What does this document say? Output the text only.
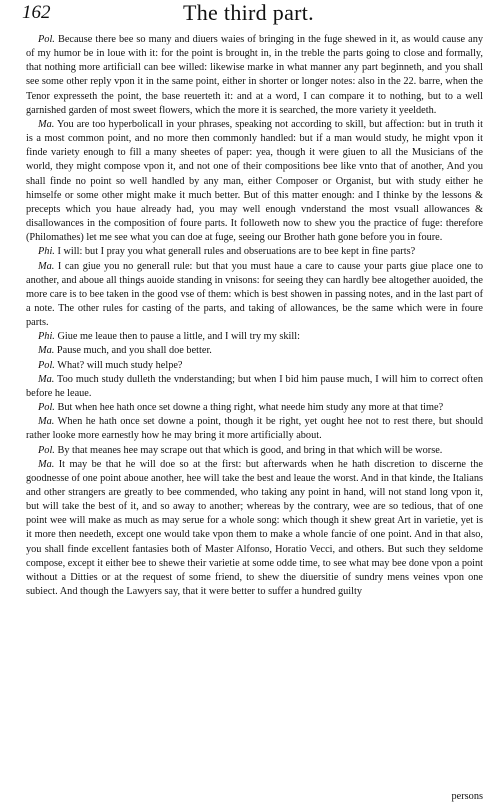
162	The third part.

Pol. Because there bee so many and diuers waies of bringing in the fuge shewed in it, as would cause any of my humor be in loue with it: for the point is brought in, in the treble the parts going to close and formally, that nothing more artificiall can bee willed: likewise marke in what manner any part beginneth, and you shall see some other reply vpon it in the same point, either in shorter or longer notes: also in the 22. barre, when the Tenor expresseth the point, the base reuerteth it: and at a word, I can compare it to nothing, but to a well garnished garden of most sweet flowers, which the more it is searched, the more variety it yeeldeth.

Ma. You are too hyperbolicall in your phrases, speaking not according to skill, but affection: but in truth it is a most common point, and no more then commonly handled: but if a man would study, he might vpon it finde variety enough to fill a many sheetes of paper: yea, though it were giuen to all the Musicians of the world, they might compose vpon it, and not one of their compositions bee like vnto that of another, And you shall finde no point so well handled by any man, either Composer or Organist, but with study either he himselfe or some other might make it much better. But of this matter enough: and I thinke by the lessons & precepts which you haue already had, you may well enough vnderstand the most vsuall allowances & disallowances in the composition of foure parts. It followeth now to shew you the practice of fuge: therefore (Philomathes) let me see what you can doe at fuge, seeing our Brother hath gone before you in foure.

Phi. I will: but I pray you what generall rules and obseruations are to bee kept in fine parts?

Ma. I can giue you no generall rule: but that you must haue a care to cause your parts giue place one to another, and aboue all things auoide standing in vnisons: for seeing they can hardly bee altogether auoided, the more care is to bee taken in the good vse of them: which is best showen in passing notes, and in the last part of a note. The other rules for casting of the parts, and taking of allowances, be the same which were in foure parts.

Phi. Giue me leaue then to pause a little, and I will try my skill:

Ma. Pause much, and you shall doe better.

Pol. What? will much study helpe?

Ma. Too much study dulleth the vnderstanding; but when I bid him pause much, I will him to correct often before he leaue.

Pol. But when hee hath once set downe a thing right, what neede him study any more at that time?

Ma. When he hath once set downe a point, though it be right, yet ought hee not to rest there, but should rather looke more earnestly how he may bring it more artificially about.

Pol. By that meanes hee may scrape out that which is good, and bring in that which will be worse.

Ma. It may be that he will doe so at the first: but afterwards when he hath discretion to discerne the goodnesse of one point aboue another, hee will take the best and leaue the worst. And in that kinde, the Italians and other strangers are greatly to bee commended, who taking any point in hand, will not stand long vpon it, but will take the best of it, and so away to another; whereas by the contrary, wee are so tedious, that of one point wee will make as much as may serue for a whole song: which though it shew great Art in varietie, yet is it more then needeth, except one would take vpon them to make a whole fancie of one point. And in that also, you shall finde excellent fantasies both of Master Alfonso, Horatio Vecci, and others. But such they seldome compose, except it either bee to shewe their varietie at some odde time, to see what may bee done vpon a point without a Ditties or at the request of some friend, to shew the diuersitie of sundry mens veines vpon one subiect. And though the Lawyers say, that it were better to suffer a hundred guilty

persons
